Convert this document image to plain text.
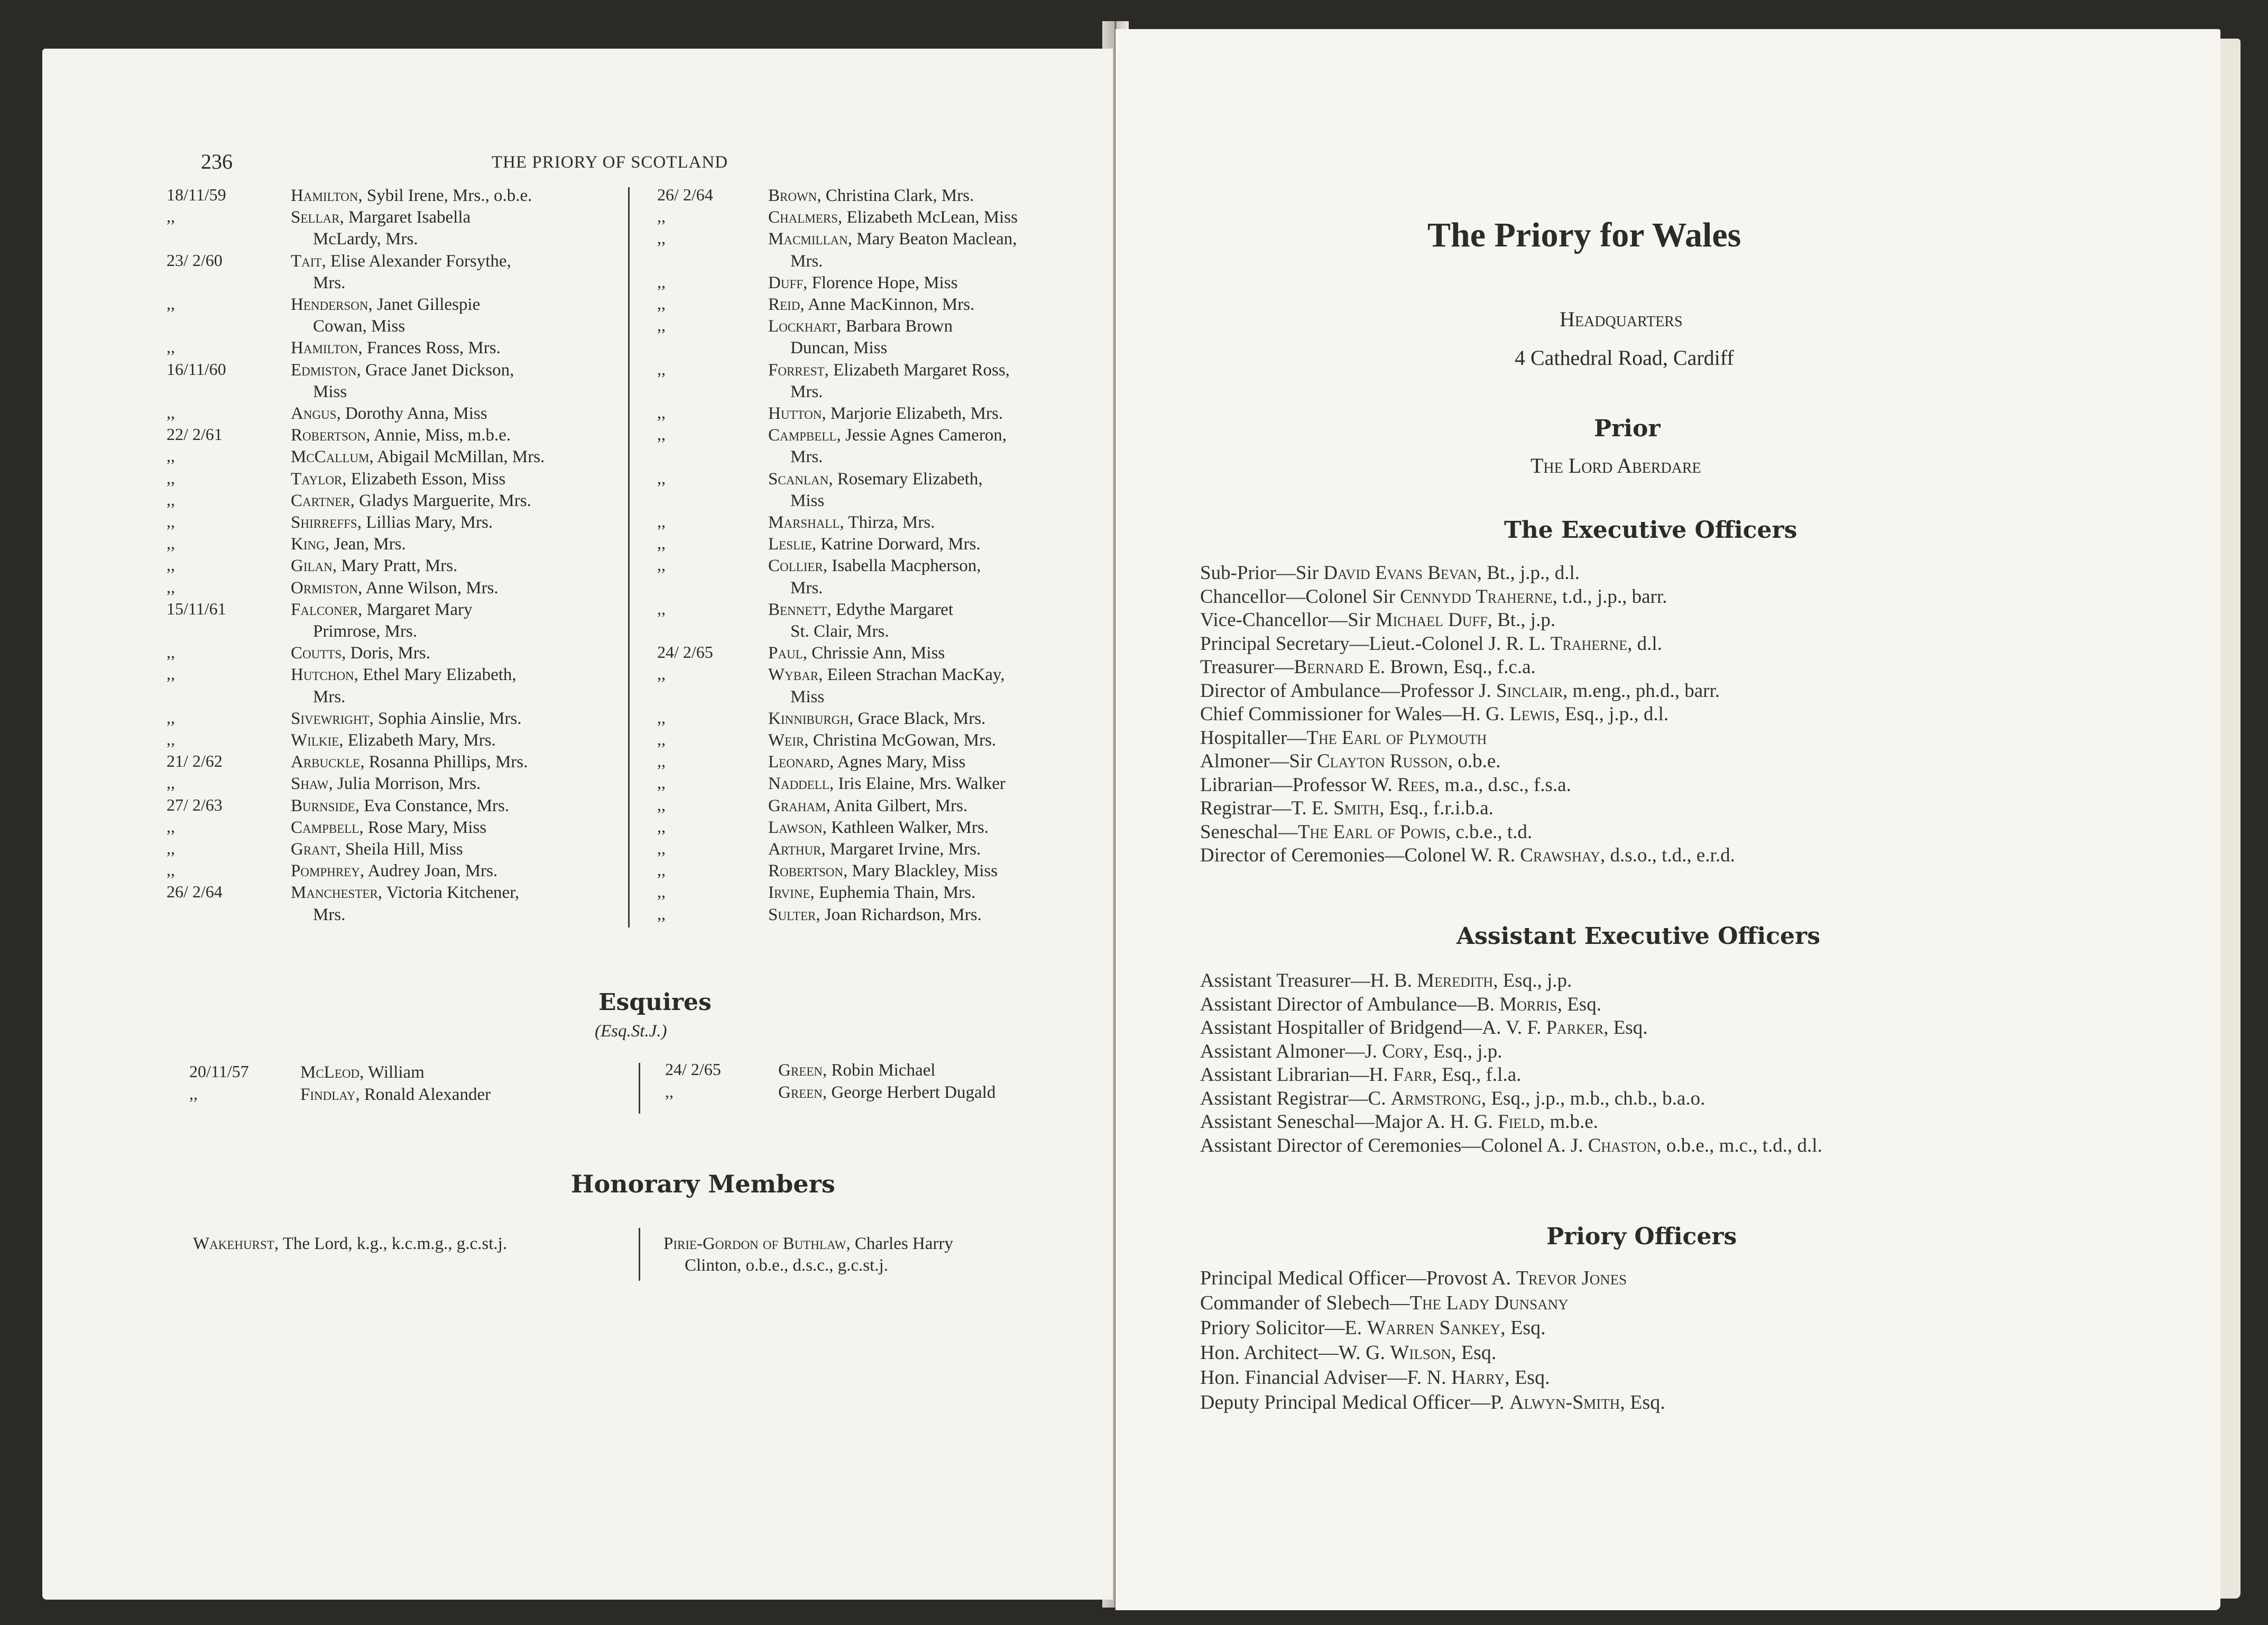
236	THE PRIORY OF SCOTLAND
18/11/59	Hamilton, Sybil Irene, Mrs., o.b.e.
,,	Sellar, Margaret Isabella
McLardy, Mrs.
23/ 2/60	Tait, Elise Alexander Forsythe,
Mrs.
,,	Henderson, Janet Gillespie
Cowan, Miss
,,	Hamilton, Frances Ross, Mrs.
16/11/60	Edmiston, Grace Janet Dickson,
Miss
,,	Angus, Dorothy Anna, Miss
22/ 2/61	Robertson, Annie, Miss, m.b.e.
,,	McCallum, Abigail McMillan, Mrs.
,,	Taylor, Elizabeth Esson, Miss
,,	Cartner, Gladys Marguerite, Mrs.
,,	Shirreffs, Lillias Mary, Mrs.
,,	King, Jean, Mrs.
,,	Gilan, Mary Pratt, Mrs.
,,	Ormiston, Anne Wilson, Mrs.
15/11/61	Falconer, Margaret Mary
Primrose, Mrs.
,,	Coutts, Doris, Mrs.
,,	Hutchon, Ethel Mary Elizabeth,
Mrs.
,,	Sivewright, Sophia Ainslie, Mrs.
,,	Wilkie, Elizabeth Mary, Mrs.
21/ 2/62	Arbuckle, Rosanna Phillips, Mrs.
,,	Shaw, Julia Morrison, Mrs.
27/ 2/63	Burnside, Eva Constance, Mrs.
,,	Campbell, Rose Mary, Miss
,,	Grant, Sheila Hill, Miss
,,	Pomphrey, Audrey Joan, Mrs.
26/ 2/64	Manchester, Victoria Kitchener,
Mrs.
26/ 2/64	Brown, Christina Clark, Mrs.
,,	Chalmers, Elizabeth McLean, Miss
,,	Macmillan, Mary Beaton Maclean,
Mrs.
,,	Duff, Florence Hope, Miss
,,	Reid, Anne MacKinnon, Mrs.
,,	Lockhart, Barbara Brown
Duncan, Miss
,,	Forrest, Elizabeth Margaret Ross,
Mrs.
,,	Hutton, Marjorie Elizabeth, Mrs.
,,	Campbell, Jessie Agnes Cameron,
Mrs.
,,	Scanlan, Rosemary Elizabeth,
Miss
,,	Marshall, Thirza, Mrs.
,,	Leslie, Katrine Dorward, Mrs.
,,	Collier, Isabella Macpherson,
Mrs.
,,	Bennett, Edythe Margaret
St. Clair, Mrs.
24/ 2/65	Paul, Chrissie Ann, Miss
,,	Wybar, Eileen Strachan MacKay,
Miss
,,	Kinniburgh, Grace Black, Mrs.
,,	Weir, Christina McGowan, Mrs.
,,	Leonard, Agnes Mary, Miss
,,	Naddell, Iris Elaine, Mrs. Walker
,,	Graham, Anita Gilbert, Mrs.
,,	Lawson, Kathleen Walker, Mrs.
,,	Arthur, Margaret Irvine, Mrs.
,,	Robertson, Mary Blackley, Miss
,,	Irvine, Euphemia Thain, Mrs.
,,	Sulter, Joan Richardson, Mrs.
Esquires
(Esq.St.J.)
20/11/57	McLeod, William
,,	Findlay, Ronald Alexander
24/ 2/65	Green, Robin Michael
,,	Green, George Herbert Dugald
Honorary Members
Wakehurst, The Lord, k.g., k.c.m.g., g.c.st.j.	Pirie-Gordon of Buthlaw, Charles Harry
Clinton, o.b.e., d.s.c., g.c.st.j.
The Priory for Wales
Headquarters
4 Cathedral Road, Cardiff
Prior
The Lord Aberdare
The Executive Officers
Sub-Prior—Sir David Evans Bevan, Bt., j.p., d.l.
Chancellor—Colonel Sir Cennydd Traherne, t.d., j.p., barr.
Vice-Chancellor—Sir Michael Duff, Bt., j.p.
Principal Secretary—Lieut.-Colonel J. R. L. Traherne, d.l.
Treasurer—Bernard E. Brown, Esq., f.c.a.
Director of Ambulance—Professor J. Sinclair, m.eng., ph.d., barr.
Chief Commissioner for Wales—H. G. Lewis, Esq., j.p., d.l.
Hospitaller—The Earl of Plymouth
Almoner—Sir Clayton Russon, o.b.e.
Librarian—Professor W. Rees, m.a., d.sc., f.s.a.
Registrar—T. E. Smith, Esq., f.r.i.b.a.
Seneschal—The Earl of Powis, c.b.e., t.d.
Director of Ceremonies—Colonel W. R. Crawshay, d.s.o., t.d., e.r.d.
Assistant Executive Officers
Assistant Treasurer—H. B. Meredith, Esq., j.p.
Assistant Director of Ambulance—B. Morris, Esq.
Assistant Hospitaller of Bridgend—A. V. F. Parker, Esq.
Assistant Almoner—J. Cory, Esq., j.p.
Assistant Librarian—H. Farr, Esq., f.l.a.
Assistant Registrar—C. Armstrong, Esq., j.p., m.b., ch.b., b.a.o.
Assistant Seneschal—Major A. H. G. Field, m.b.e.
Assistant Director of Ceremonies—Colonel A. J. Chaston, o.b.e., m.c., t.d., d.l.
Priory Officers
Principal Medical Officer—Provost A. Trevor Jones
Commander of Slebech—The Lady Dunsany
Priory Solicitor—E. Warren Sankey, Esq.
Hon. Architect—W. G. Wilson, Esq.
Hon. Financial Adviser—F. N. Harry, Esq.
Deputy Principal Medical Officer—P. Alwyn-Smith, Esq.
